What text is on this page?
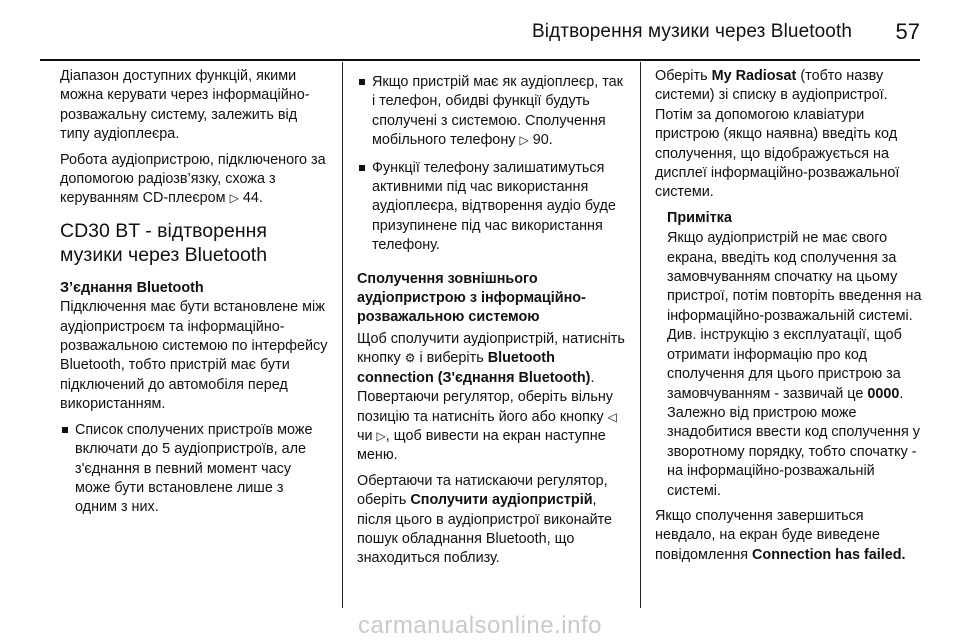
Відтворення музики через Bluetooth 57

Діапазон доступних функцій, якими можна керувати через інформаційно-розважальну систему, залежить від типу аудіоплеєра.

Робота аудіопристрою, підключеного за допомогою радіозв’язку, схожа з керуванням CD-плеєром ▷ 44.

CD30 BT - відтворення музики через Bluetooth
З’єднання Bluetooth

Підключення має бути встановлене між аудіопристроєм та інформаційно-розважальною системою по інтерфейсу Bluetooth, тобто пристрій має бути підключений до автомобіля перед використанням.

Список сполучених пристроїв може включати до 5 аудіопристроїв, але з'єднання в певний момент часу може бути встановлене лише з одним з них.
Якщо пристрій має як аудіоплеєр, так і телефон, обидві функції будуть сполучені з системою. Сполучення мобільного телефону ▷ 90.
Функції телефону залишатимуться активними під час використання аудіоплеєра, відтворення аудіо буде призупинене під час використання телефону.
Сполучення зовнішнього аудіопристрою з інформаційно-розважальною системою

Щоб сполучити аудіопристрій, натисніть кнопку ⚙ і виберіть Bluetooth connection (З'єднання Bluetooth). Повертаючи регулятор, оберіть вільну позицію та натисніть його або кнопку ◁ чи ▷, щоб вивести на екран наступне меню.

Обертаючи та натискаючи регулятор, оберіть Сполучити аудіопристрій, після цього в аудіопристрої виконайте пошук обладнання Bluetooth, що знаходиться поблизу.

Оберіть My Radiosat (тобто назву системи) зі списку в аудіопристрої. Потім за допомогою клавіатури пристрою (якщо наявна) введіть код сполучення, що відображується на дисплеї інформаційно-розважальної системи.

Примітка

Якщо аудіопристрій не має свого екрана, введіть код сполучення за замовчуванням спочатку на цьому пристрої, потім повторіть введення на інформаційно-розважальній системі. Див. інструкцію з експлуатації, щоб отримати інформацію про код сполучення для цього пристрою за замовчуванням - зазвичай це 0000. Залежно від пристрою може знадобитися ввести код сполучення у зворотному порядку, тобто спочатку - на інформаційно-розважальній системі.

Якщо сполучення завершиться невдало, на екран буде виведене повідомлення Connection has failed.

carmanualsonline.info
